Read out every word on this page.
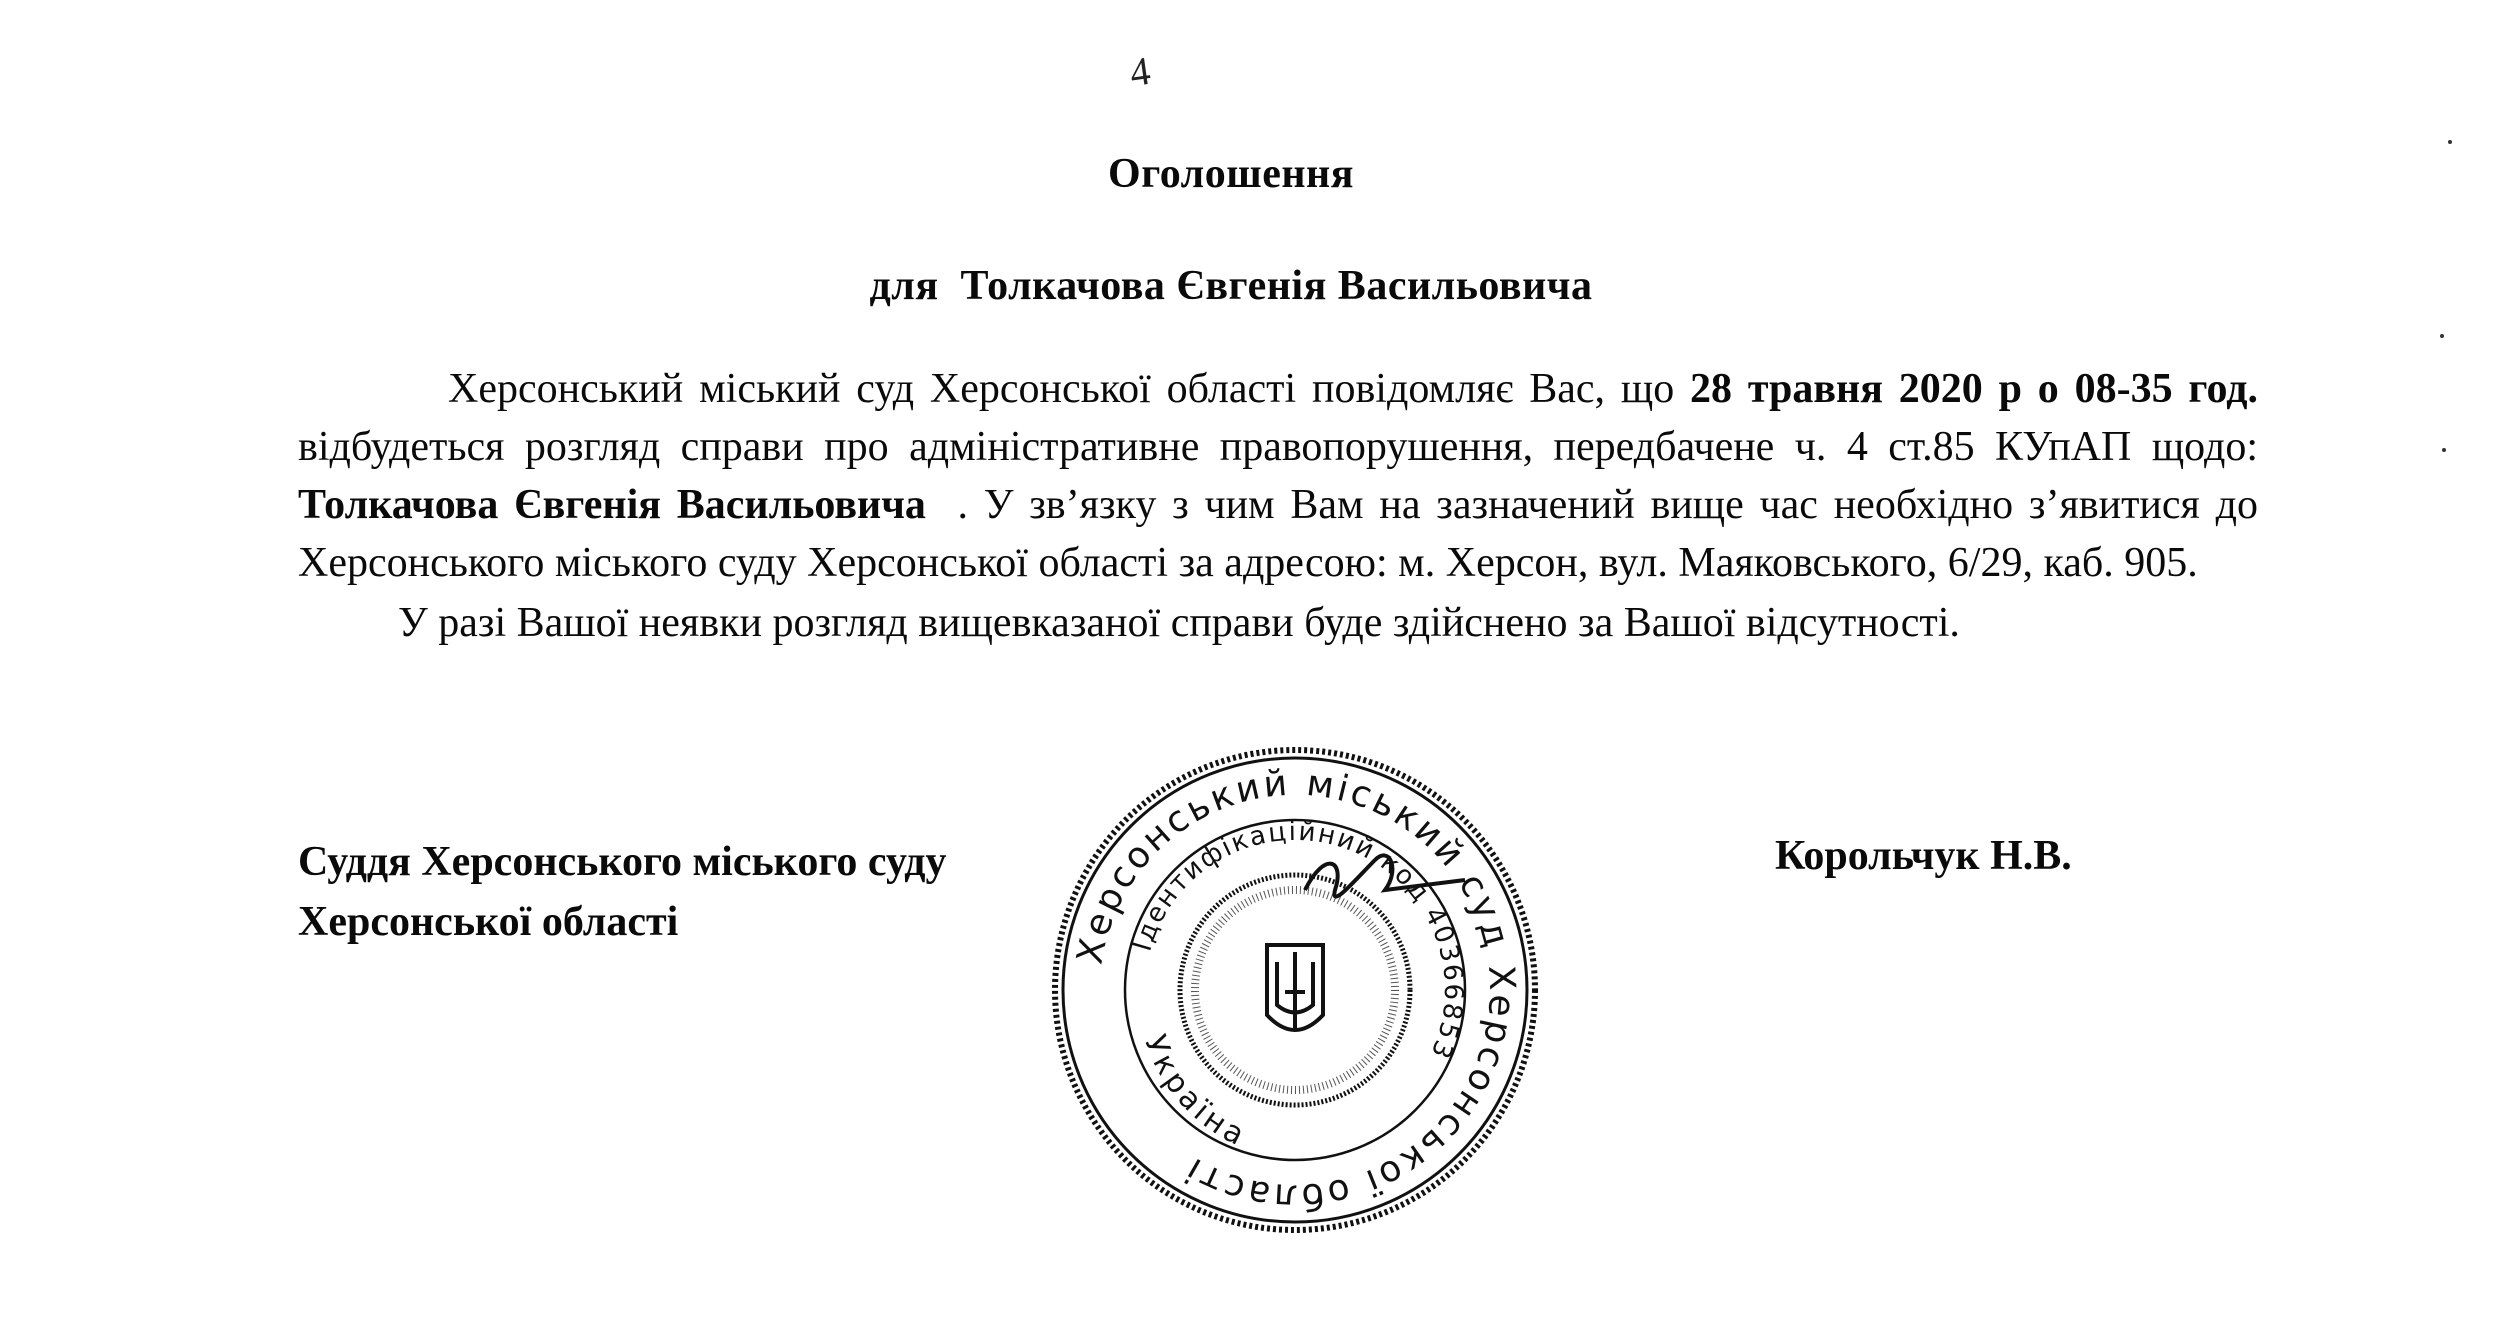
4
Оголошення
для  Толкачова Євгенія Васильовича

Херсонський міський суд Херсонської області повідомляє Вас, що 28 травня 2020 р о 08-35 год. відбудеться розгляд справи про адміністративне правопорушення, передбачене ч. 4 ст.85 КУпАП щодо: Толкачова Євгенія Васильовича  . У зв’язку з чим Вам на зазначений вище час необхідно з’явитися до Херсонського міського суду Херсонської області за адресою: м. Херсон, вул. Маяковського, 6/29, каб. 905.

У разі Вашої неявки розгляд вищевказаної справи буде здійснено за Вашої відсутності.

Суддя Херсонського міського суду
Херсонської області
Корольчук Н.В.
Херсонський міський суд Херсонської області
Ідентифікаційний код 40366853
Україна
